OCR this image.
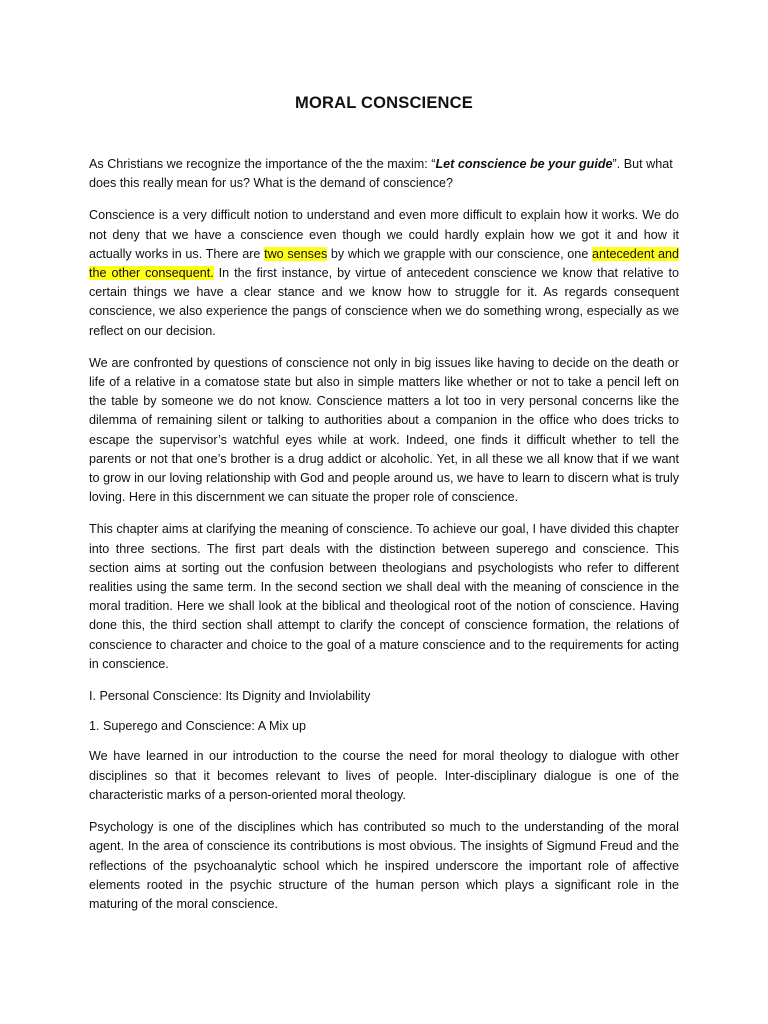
MORAL CONSCIENCE

As Christians we recognize the importance of the the maxim: “Let conscience be your guide”. But what does this really mean for us? What is the demand of conscience?

Conscience is a very difficult notion to understand and even more difficult to explain how it works. We do not deny that we have a conscience even though we could hardly explain how we got it and how it actually works in us. There are two senses by which we grapple with our conscience, one antecedent and the other consequent. In the first instance, by virtue of antecedent conscience we know that relative to certain things we have a clear stance and we know how to struggle for it. As regards consequent conscience, we also experience the pangs of conscience when we do something wrong, especially as we reflect on our decision.

We are confronted by questions of conscience not only in big issues like having to decide on the death or life of a relative in a comatose state but also in simple matters like whether or not to take a pencil left on the table by someone we do not know. Conscience matters a lot too in very personal concerns like the dilemma of remaining silent or talking to authorities about a companion in the office who does tricks to escape the supervisor’s watchful eyes while at work. Indeed, one finds it difficult whether to tell the parents or not that one’s brother is a drug addict or alcoholic. Yet, in all these we all know that if we want to grow in our loving relationship with God and people around us, we have to learn to discern what is truly loving. Here in this discernment we can situate the proper role of conscience.

This chapter aims at clarifying the meaning of conscience. To achieve our goal, I have divided this chapter into three sections. The first part deals with the distinction between superego and conscience. This section aims at sorting out the confusion between theologians and psychologists who refer to different realities using the same term. In the second section we shall deal with the meaning of conscience in the moral tradition. Here we shall look at the biblical and theological root of the notion of conscience. Having done this, the third section shall attempt to clarify the concept of conscience formation, the relations of conscience to character and choice to the goal of a mature conscience and to the requirements for acting in conscience.

I. Personal Conscience: Its Dignity and Inviolability

1. Superego and Conscience: A Mix up

We have learned in our introduction to the course the need for moral theology to dialogue with other disciplines so that it becomes relevant to lives of people. Inter-disciplinary dialogue is one of the characteristic marks of a person-oriented moral theology.

Psychology is one of the disciplines which has contributed so much to the understanding of the moral agent. In the area of conscience its contributions is most obvious. The insights of Sigmund Freud and the reflections of the psychoanalytic school which he inspired underscore the important role of affective elements rooted in the psychic structure of the human person which plays a significant role in the maturing of the moral conscience.
